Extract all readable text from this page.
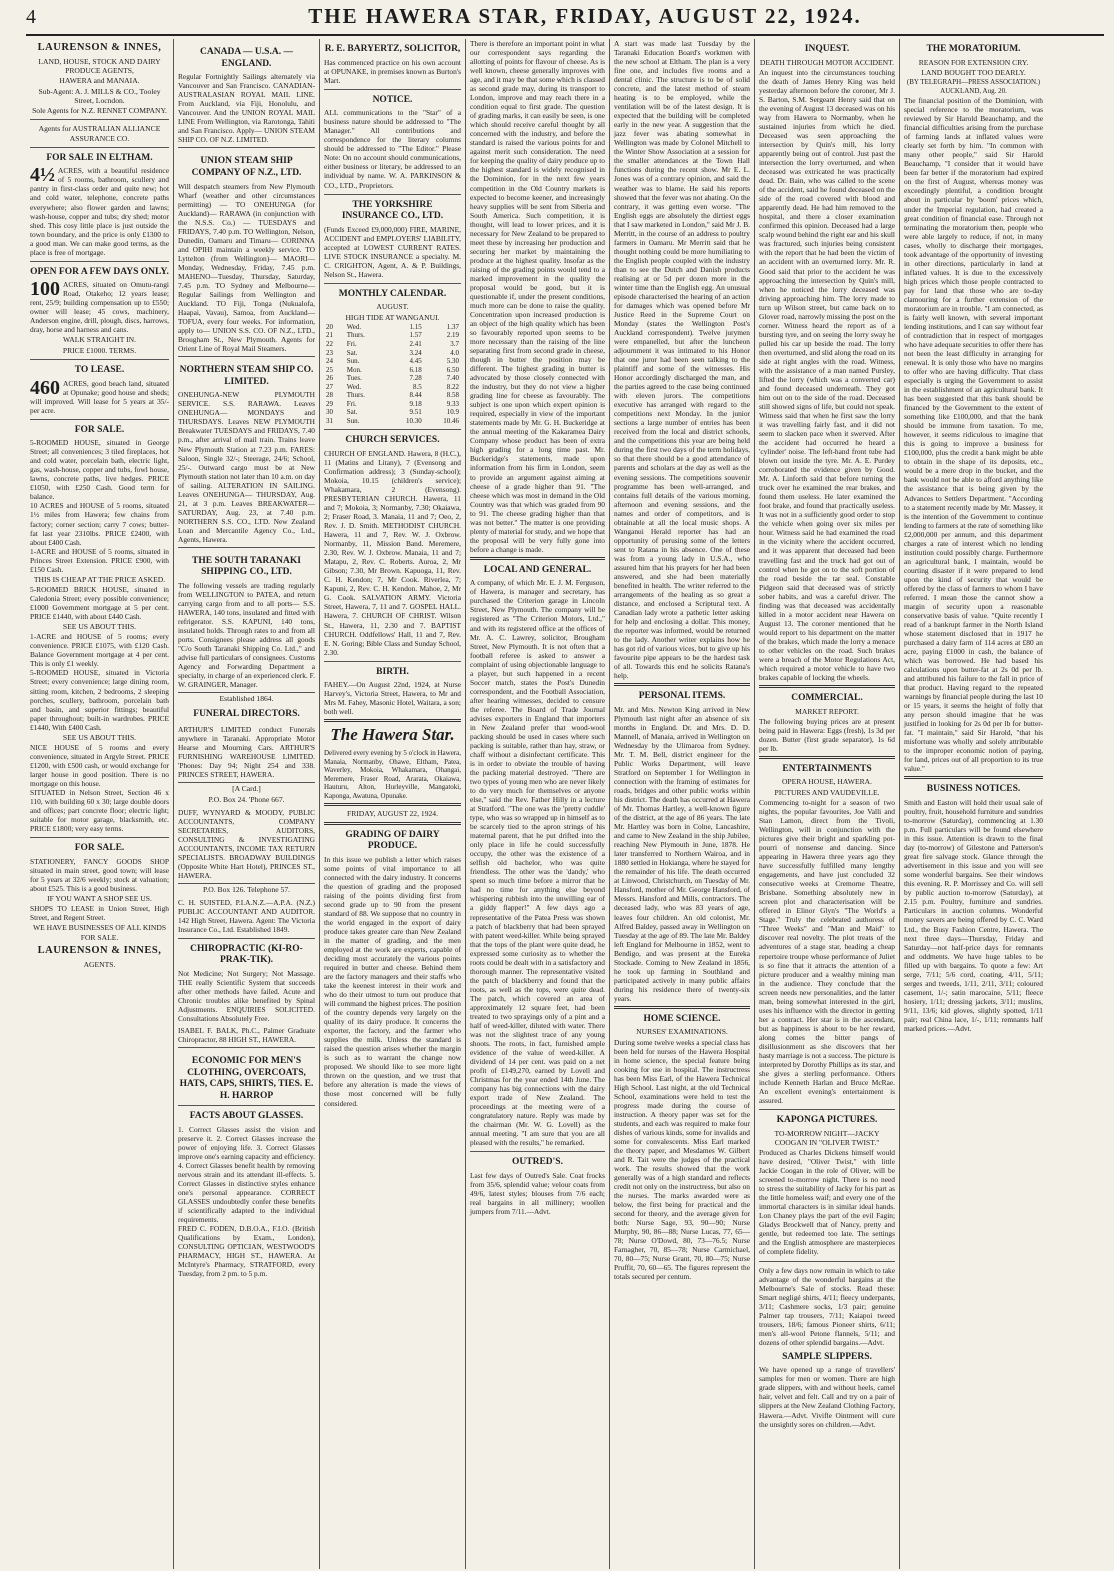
4	THE HAWERA STAR, FRIDAY, AUGUST 22, 1924.
LAURENSON & INNES,
LAND, HOUSE, STOCK AND DAIRY PRODUCE AGENTS,
HAWERA and MANAIA.
Sub-Agent: A. J. MILLS & CO., Tooley Street, Locndon.
Sole Agents for N.Z. RENNET COMPANY.
Agents for AUSTRALIAN ALLIANCE ASSURANCE CO.
FOR SALE IN ELTHAM.
4½ ACRES, with a beautiful residence of 5 rooms, bathroom, scullery and pantry in first-class order and quite new; hot and cold water, telephone, concrete paths everywhere; also flower garden and lawns; wash-house, copper and tubs; dry shed; motor shed. This cosy little place is just outside the town boundary, and the price is only £1300 to a good man. We can make good terms, as the place is free of mortgage.
OPEN FOR A FEW DAYS ONLY.
100 ACRES, situated on Omutu-rangi Road, Otakeho; 12 years lease; rent, 25/9; building compensation up to £550; owner will lease; 45 cows, machinery, Anderson engine, drill, plough, discs, harrows, dray, horse and harness and cans.
WALK STRAIGHT IN.
PRICE £1000. TERMS.
TO LEASE.
460 ACRES, good beach land, situated at Opunake; good house and sheds; will improved. Will lease for 5 years at 35/- per acre.
FOR SALE.
5-ROOMED HOUSE, situated in George Street; all conveniences; 3 tiled fireplaces, hot and cold water, porcelain bath, electric light, gas, wash-house, copper and tubs, fowl house, lawns, concrete paths, live hedges. PRICE £1050, with £250 Cash. Good term for balance.
10 ACRES and HOUSE of 5 rooms, situated 1½ miles from Hawera; few chains from factory; corner section; carry 7 cows; butter-fat last year 2310lbs. PRICE £2400, with about £400 Cash.
1-ACRE and HOUSE of 5 rooms, situated in Princes Street Extension. PRICE £900, with £150 Cash.
THIS IS CHEAP AT THE PRICE ASKED.
5-ROOMED BRICK HOUSE, situated in Caledonia Street; every possible convenience; £1000 Government mortgage at 5 per cent. PRICE £1440, with about £440 Cash.
SEE US ABOUT THIS.
1-ACRE and HOUSE of 5 rooms; every convenience. PRICE £1075, with £120 Cash. Balance Government mortgage at 4 per cent. This is only £1 weekly.
5-ROOMED HOUSE, situated in Victoria Street; every convenience; large dining room, sitting room, kitchen, 2 bedrooms, 2 sleeping porches, scullery, bathroom, porcelain bath and basin, and superior fittings; beautiful paper throughout; built-in wardrobes. PRICE £1440, With £400 Cash.
SEE US ABOUT THIS.
NICE HOUSE of 5 rooms and every convenience, situated in Argyle Street. PRICE £1200, with £500 cash, or would exchange for larger house in good position. There is no mortgage on this house.
SITUATED in Nelson Street, Section 46 x 110, with building 60 x 30; large double doors and offices; part concrete floor; electric light; suitable for motor garage, blacksmith, etc. PRICE £1800; very easy terms.
FOR SALE.
STATIONERY, FANCY GOODS SHOP situated in main street, good town; will lease for 5 years at 32/6 weekly; stock at valuation; about £525. This is a good business.
IF YOU WANT A SHOP SEE US.
SHOPS TO LEASE in Union Street, High Street, and Regent Street.
WE HAVE BUSINESSES OF ALL KINDS FOR SALE.
LAURENSON & INNES,
AGENTS.
CANADA — U.S.A. — ENGLAND.
Regular Fortnightly Sailings alternately via Vancouver and San Francisco. CANADIAN-AUSTRALASIAN ROYAL MAIL LINE. From Auckland, via Fiji, Honolulu, and Vancouver. And the UNION ROYAL MAIL LINE From Wellington, via Rarotonga, Tahiti and San Francisco. Apply— UNION STEAM SHIP CO. OF N.Z. LIMITED.
UNION STEAM SHIP COMPANY OF N.Z., LTD.
Will despatch steamers from New Plymouth Wharf (weather and other circumstances permitting) — TO ONEHUNGA (for Auckland)— RARAWA (in conjunction with the N.S.S. Co.) — TUESDAYS and FRIDAYS, 7.40 p.m. TO Wellington, Nelson, Dunedin, Oamaru and Timaru— CORINNA and OPIHI maintain a weekly service. TO Lyttelton (from Wellington)— MAORI—Monday, Wednesday, Friday, 7.45 p.m. MAHENO—Tuesday, Thursday, Saturday, 7.45 p.m. TO Sydney and Melbourne— Regular Sailings from Wellington and Auckland. TO Fiji, Tonga (Nukualofa, Haapai, Vavau), Samoa, from Auckland— TOFUA, every four weeks. For information, apply to— UNION S.S. CO. OF N.Z., LTD., Brougham St., New Plymouth. Agents for Orient Line of Royal Mail Steamers.
NORTHERN STEAM SHIP CO. LIMITED.
ONEHUNGA-NEW PLYMOUTH SERVICE. S.S. RARAWA. Leaves ONEHUNGA— MONDAYS and THURSDAYS. Leaves NEW PLYMOUTH Breakwater TUESDAYS and FRIDAYS, 7.40 p.m., after arrival of mail train. Trains leave New Plymouth Station at 7.23 p.m. FARES: Saloon, Single 32/-; Steerage, 24/6; School, 25/-. Outward cargo must be at New Plymouth station not later than 10 a.m. on day of sailing. ALTERATION IN SAILING. Leaves ONEHUNGA— THURSDAY, Aug. 21, at 3 p.m. Leaves BREAKWATER— SATURDAY, Aug. 23, at 7.40 p.m. NORTHERN S.S. CO., LTD. New Zealand Loan and Mercantile Agency Co., Ltd., Agents, Hawera.
THE SOUTH TARANAKI SHIPPING CO., LTD.
The following vessels are trading regularly from WELLINGTON to PATEA, and return carrying cargo from and to all ports— S.S. HAWERA, 140 tons, insulated and fitted with refrigerator. S.S. KAPUNI, 140 tons, insulated holds. Through rates to and from all ports. Consignees please address all goods "C/o South Taranaki Shipping Co. Ltd.," and advise full particulars of consignees. Customs Agency and Forwarding Department a specialty, in charge of an experienced clerk. F. W. GRAINGER, Manager.
Established 1864.
FUNERAL DIRECTORS.
ARTHUR'S LIMITED conduct Funerals anywhere in Taranaki. Appropriate Motor Hearse and Mourning Cars. ARTHUR'S FURNISHING WAREHOUSE LIMITED. 'Phones: Day 94; Night 254 and 338. PRINCES STREET, HAWERA.
[A Card.]
P.O. Box 24. 'Phone 667.
DUFF, WYNYARD & MOODY, PUBLIC ACCOUNTANTS, COMPANY SECRETARIES, AUDITORS, CONSULTING & INVESTIGATING ACCOUNTANTS, INCOME TAX RETURN SPECIALISTS. BROADWAY BUILDINGS (Opposite White Hart Hotel), PRINCES ST., HAWERA.
P.O. Box 126. Telephone 57.
C. H. SUISTED, P.I.A.N.Z.—A.P.A. (N.Z.) PUBLIC ACCOUNTANT AND AUDITOR. 142 High Street, Hawera. Agent: The Victoria Insurance Co., Ltd. Established 1849.
CHIROPRACTIC (KI-RO-PRAK-TIK).
Not Medicine; Not Surgery; Not Massage. THE really Scientific System that succeeds after other methods have failed. Acute and Chronic troubles alike benefited by Spinal Adjustments. ENQUIRIES SOLICITED. Consultations Absolutely Free.
ISABEL F. BALK, Ph.C., Palmer Graduate Chiropractor, 88 HIGH ST., HAWERA.
ECONOMIC FOR MEN'S CLOTHING, OVERCOATS, HATS, CAPS, SHIRTS, TIES. E. H. HARROP
FACTS ABOUT GLASSES.
1. Correct Glasses assist the vision and preserve it. 2. Correct Glasses increase the power of enjoying life. 3. Correct Glasses improve one's earning capacity and efficiency. 4. Correct Glasses benefit health by removing nervous strain and its attendant ill-effects. 5. Correct Glasses in distinctive styles enhance one's personal appearance. CORRECT GLASSES undoubtedly confer these benefits if scientifically adapted to the individual requirements.
FRED C. FODEN, D.B.O.A., F.I.O. (British Qualifications by Exam., London), CONSULTING OPTICIAN, WESTWOOD'S PHARMACY, HIGH ST., HAWERA. At McIntyre's Pharmacy, STRATFORD, every Tuesday, from 2 pm. to 5 p.m.
R. E. BARYERTZ, SOLICITOR,
Has commenced practice on his own account at OPUNAKE, in premises known as Burton's Mart.
NOTICE.
ALL communications to the "Star" of a business nature should be addressed to "The Manager." All contributions and correspondence for the literary columns should be addressed to "The Editor." Please Note: On no account should communications, either business or literary, be addressed to an individual by name. W. A. PARKINSON & CO., LTD., Proprietors.
THE YORKSHIRE INSURANCE CO., LTD.
(Funds Exceed £9,000,000) FIRE, MARINE, ACCIDENT and EMPLOYERS' LIABILITY, accepted at LOWEST CURRENT RATES. LIVE STOCK INSURANCE a specialty. M. C. CRIGHTON, Agent, A. & P. Buildings, Nelson St., Hawera.
MONTHLY CALENDAR.
AUGUST.
HIGH TIDE AT WANGANUI.
20	Wed.	1.15	1.37
21	Thurs.	1.57	2.19
22	Fri.	2.41	3.7
23	Sat.	3.24	4.0
24	Sun.	4.45	5.30
25	Mon.	6.18	6.50
26	Tues.	7.28	7.40
27	Wed.	8.5	8.22
28	Thurs.	8.44	8.58
29	Fri.	9.18	9.33
30	Sat.	9.51	10.9
31	Sun.	10.30	10.46
CHURCH SERVICES.
CHURCH OF ENGLAND. Hawera, 8 (H.C.), 11 (Matins and Litany), 7 (Evensong and Confirmation address); 3 (Sunday-school); Mokoia, 10.15 (children's service); Whakamara, 2 (Evensong). PRESBYTERIAN CHURCH. Hawera, 11 and 7; Mokoia, 3; Normanby, 7.30; Okaiawa, 2; Fraser Road, 3. Manaia, 11 and 7; Oeo, 2, Rev. J. D. Smith. METHODIST CHURCH. Hawera, 11 and 7, Rev. W. J. Oxbrow. Normanby, 11, Mission Band. Meremere, 2.30, Rev. W. J. Oxbrow. Manaia, 11 and 7; Matapu, 2, Rev. C. Roberts. Auroa, 2, Mr Gibson; 7.30, Mr Brown. Kapuoga, 11, Rev. C. H. Kendon; 7, Mr Cook. Riverlea, 7; Kapuni, 2, Rev. C. H. Kendon. Mahoe, 2, Mr G. Cook. SALVATION ARMY. Victoria Street, Hawera, 7, 11 and 7. GOSPEL HALL. Hawera, 7. CHURCH OF CHRIST. Wilson St., Hawera, 11, 2.30 and 7. BAPTIST CHURCH. Oddfellows' Hall, 11 and 7, Rev. E. N. Goring; Bible Class and Sunday School, 2.30.
BIRTH.
FAHEY.—On August 22nd, 1924, at Nurse Harvey's, Victoria Street, Hawera, to Mr and Mrs M. Fahey, Masonic Hotel, Waitara, a son; both well.
The Hawera Star.
Delivered every evening by 5 o'clock in Hawera, Manaia, Normanby, Ohawe, Eltham, Patea, Waverley, Mokoia, Whakamara, Ohangai, Meremere, Fraser Road, Ararata, Okaiawa, Hauturu, Alton, Hurleyville, Mangatoki, Kaponga, Awatuna, Opunake.
FRIDAY, AUGUST 22, 1924.
GRADING OF DAIRY PRODUCE.
In this issue we publish a letter which raises some points of vital importance to all connected with the dairy industry. It concerns the question of grading and the proposed raising of the points dividing first from second grade up to 90 from the present standard of 88. We suppose that no country in the world engaged in the export of dairy produce takes greater care than New Zealand in the matter of grading, and the men employed at the work are experts, capable of deciding most accurately the various points required in butter and cheese. Behind them are the factory managers and their staffs who take the keenest interest in their work and who do their utmost to turn out produce that will command the highest prices. The position of the country depends very largely on the quality of its dairy produce. It concerns the exporter, the factory, and the farmer who supplies the milk. Unless the standard is raised the question arises whether the margin is such as to warrant the change now proposed. We should like to see more light thrown on the question, and we trust that before any alteration is made the views of those most concerned will be fully considered.
There is therefore an important point in what our correspondent says regarding the allotting of points for flavour of cheese. As is well known, cheese generally improves with age, and it may be that some which is classed as second grade may, during its transport to London, improve and may reach there in a condition equal to first grade. The question of grading marks, it can easily be seen, is one which should receive careful thought by all concerned with the industry, and before the standard is raised the various points for and against merit such consideration. The need for keeping the quality of dairy produce up to the highest standard is widely recognised in the Dominion, for in the next few years competition in the Old Country markets is expected to become keener, and increasingly heavy supplies will be sent from Siberia and South America. Such competition, it is thought, will lead to lower prices, and it is necessary for New Zealand to be prepared to meet these by increasing her production and securing her market by maintaining the produce at the highest quality. Insofar as the raising of the grading points would tend to a marked improvement in the quality the proposal would be good, but it is questionable if, under the present conditions, much more can be done to raise the quality. Concentration upon increased production is an object of the high quality which has been so favourably reported upon seems to be more necessary than the raising of the line separating first from second grade in cheese, though in butter the position may be different. The highest grading in butter is advocated by those closely connected with the industry, but they do not view a higher grading line for cheese as favourably. The subject is one upon which expert opinion is required, especially in view of the important statements made by Mr. G. H. Buckeridge at the annual meeting of the Kakaramea Dairy Company whose product has been of extra high grading for a long time past. Mr. Buckeridge's statements, made upon information from his firm in London, seem to provide an argument against aiming at cheese of a grade higher than 91. "The cheese which was most in demand in the Old Country was that which was graded from 90 to 91. The cheese grading higher than that was not better." The matter is one providing plenty of material for study, and we hope that the proposal will be very fully gone into before a change is made.
LOCAL AND GENERAL.
A company, of which Mr. E. J. M. Ferguson, of Hawera, is manager and secretary, has purchased the Criterion garage in Lincoln Street, New Plymouth. The company will be registered as "The Criterion Motors, Ltd.," and with its registered office at the offices of Mr. A. C. Lawrey, solicitor, Brougham Street, New Plymouth. It is not often that a football referee is asked to answer a complaint of using objectionable language to a player, but such happened in a recent Soccer match, states the Post's Dunedin correspondent, and the Football Association, after hearing witnesses, decided to censure the referee. The Board of Trade Journal advises exporters in England that importers in New Zealand prefer that wood-wool packing should be used in cases where such packing is suitable, rather than hay, straw, or chaff without a disinfectant certificate. This is in order to obviate the trouble of having the packing material destroyed. "There are two types of young men who are never likely to do very much for themselves or anyone else," said the Rev. Father Hilly in a lecture at Stratford. "The one was the 'pretty cuddle' type, who was so wrapped up in himself as to be scarcely tied to the apron strings of his maternal parent, that he put drifted into the only place in life he could successfully occupy, the other was the existence of a selfish old bachelor, who was quite friendless. The other was the 'dandy,' who spent so much time before a mirror that he had no time for anything else beyond whispering rubbish into the unwilling ear of a giddy flapper!" A few days ago a representative of the Patea Press was shown a patch of blackberry that had been sprayed with patent weed-killer. While being sprayed that the tops of the plant were quite dead, he expressed some curiosity as to whether the roots could be dealt with in a satisfactory and thorough manner. The representative visited the patch of blackberry and found that the roots, as well as the tops, were quite dead. The patch, which covered an area of approximately 12 square feet, had been treated to two sprayings only of a pint and a half of weed-killer, diluted with water. There was not the slightest trace of any young shoots. The roots, in fact, furnished ample evidence of the value of weed-killer. A dividend of 14 per cent. was paid on a net profit of £149,270, earned by Lovell and Christmas for the year ended 14th June. The company has big connections with the dairy export trade of New Zealand. The proceedings at the meeting were of a congratulatory nature. Reply was made by the chairman (Mr. W. G. Lovell) as the annual meeting. "I am sure that you are all pleased with the results," he remarked.
OUTRED'S.
Last few days of Outred's Sale. Coat frocks from 35/6, splendid value; velour coats from 49/6, latest styles; blouses from 7/6 each; real bargains in all millinery; woollen jumpers from 7/11.—Advt.
A start was made last Tuesday by the Taranaki Education Board's workmen with the new school at Eltham. The plan is a very fine one, and includes five rooms and a dental clinic. The structure is to be of solid concrete, and the latest method of steam heating is to be employed, while the ventilation will be of the latest design. It is expected that the building will be completed early in the new year. A suggestion that the jazz fever was abating somewhat in Wellington was made by Colonel Mitchell to the Winter Show Association at a session for the smaller attendances at the Town Hall functions during the recent show. Mr E. L. Jones was of a contrary opinion, and said the weather was to blame. He said his reports showed that the fever was not abating. On the contrary, it was getting even worse. "The English eggs are absolutely the dirtiest eggs that I saw marketed in London," said Mr J. B. Merritt, in the course of an address to poultry farmers in Oamaru. Mr Merritt said that he thought nothing could be more humiliating to the English people coupled with the industry than to see the Dutch and Danish products realising at or 5d per dozen more in the winter time than the English egg. An unusual episode characterised the hearing of an action for damages which was opened before Mr Justice Reed in the Supreme Court on Monday (states the Wellington Post's Auckland correspondent). Twelve jurymen were empanelled, but after the luncheon adjournment it was intimated to his Honor that one juror had been seen talking to the plaintiff and some of the witnesses. His Honor accordingly discharged the man, and the parties agreed to the case being continued with eleven jurors. The competitions executive has arranged with regard to the competitions next Monday. In the junior sections a large number of entries has been received from the local and district schools, and the competitions this year are being held during the first two days of the term holidays, so that there should be a good attendance of parents and scholars at the day as well as the evening sessions. The competitions souvenir programme has been well-arranged, and contains full details of the various morning, afternoon and evening sessions, and the names and order of competitors, and is obtainable at all the local music shops. A Wanganui Herald reporter has had an opportunity of perusing some of the letters sent to Ratana in his absence. One of these was from a young lady in U.S.A., who assured him that his prayers for her had been answered, and she had been materially benefited in health. The writer referred to the arrangements of the healing as so great a distance, and enclosed a Scriptural text. A Canadian lady wrote a pathetic letter asking for help and enclosing a dollar. This money, the reporter was informed, would be returned to the lady. Another writer explains how he has got rid of various vices, but to give up his favourite pipe appears to be the hardest task of all. Towards this end he solicits Ratana's help.
PERSONAL ITEMS.
Mr. and Mrs. Newton King arrived in New Plymouth last night after an absence of six months in England. Dr. and Mrs. D. D. Mannell, of Manaia, arrived in Wellington on Wednesday by the Ulimaroa from Sydney. Mr. T. M. Bell, district engineer for the Public Works Department, will leave Stratford on September 1 for Wellington in connection with the framing of estimates for roads, bridges and other public works within his district. The death has occurred at Hawera of Mr. Thomas Hartley, a well-known figure of the district, at the age of 86 years. The late Mr. Hartley was born in Colne, Lancashire, and came to New Zealand in the ship Jubilee, reaching New Plymouth in June, 1878. He later transferred to Northern Wairoa, and in 1880 settled in Hokianga, where he stayed for the remainder of his life. The death occurred at Linwood, Christchurch, on Tuesday of Mr. Hansford, mother of Mr. George Hansford, of Messrs. Hansford and Mills, contractors. The deceased lady, who was 83 years of age, leaves four children. An old colonist, Mr. Alfred Baldey, passed away in Wellington on Tuesday at the age of 89. The late Mr. Baldey left England for Melbourne in 1852, went to Bendigo, and was present at the Eureka Stockade. Coming to New Zealand in 1856, he took up farming in Southland and participated actively in many public affairs during his residence there of twenty-six years.
HOME SCIENCE.
NURSES' EXAMINATIONS.
During some twelve weeks a special class has been held for nurses of the Hawera Hospital in home science, the special feature being cooking for use in hospital. The instructress has been Miss Earl, of the Hawera Technical High School. Last night, at the old Technical School, examinations were held to test the progress made during the course of instruction. A theory paper was set for the students, and each was required to make four dishes of various kinds, some for invalids and some for convalescents. Miss Earl marked the theory paper, and Mesdames W. Gilbert and R. Tait were the judges of the practical work. The results showed that the work generally was of a high standard and reflects credit not only on the instructress, but also on the nurses. The marks awarded were as below, the first being for practical and the second for theory, and the average given for both: Nurse Sage, 93, 90—90; Nurse Murphy, 90, 86—88; Nurse Lucas, 77, 65—78; Nurse O'Dowd, 80, 73—76.5; Nurse Farnagher, 70, 85—78; Nurse Carmichael, 70, 80—75; Nurse Grant, 70, 80—75; Nurse Pruffit, 70, 60—65. The figures represent the totals secured per centum.
INQUEST.
DEATH THROUGH MOTOR ACCIDENT.
An inquest into the circumstances touching the death of James Henry King was held yesterday afternoon before the coroner, Mr J. S. Barton, S.M. Sergeant Henry said that on the evening of August 13 deceased was on his way from Hawera to Normanby, when he sustained injuries from which he died. Deceased was seen approaching the intersection by Quin's mill, his lorry apparently being out of control. Just past the intersection the lorry overturned, and when deceased was extricated he was practically dead. Dr. Bain, who was called to the scene of the accident, said he found deceased on the side of the road covered with blood and apparently dead. He had him removed to the hospital, and there a closer examination confirmed this opinion. Deceased had a large scalp wound behind the right ear and his skull was fractured, such injuries being consistent with the report that he had been the victim of an accident with an overturned lorry. Mr. R. Good said that prior to the accident he was approaching the intersection by Quin's mill, when he noticed the lorry deceased was driving approaching him. The lorry made to turn up Wilson street, but came back on to Glover road, narrowly missing the post on the corner. Witness heard the report as of a bursting tyre, and on seeing the lorry sway he pulled his car up beside the road. The lorry then overturned, and slid along the road on its side at right angles with the road. Witness, with the assistance of a man named Pursley, lifted the lorry (which was a converted car) and found deceased underneath. They got him out on to the side of the road. Deceased still showed signs of life, but could not speak. Witness said that when he first saw the lorry it was travelling fairly fast, and it did not seem to slacken pace when it swerved. After the accident had occurred he heard a 'cylinder' noise. The left-hand front tube had blown out inside the tyre. Mr. A. E. Purdey corroborated the evidence given by Good. Mr. A. Linforth said that before turning the truck over he examined the rear brakes, and found them useless. He later examined the foot brake, and found that practically useless. It was not in a sufficiently good order to stop the vehicle when going over six miles per hour. Witness said he had examined the road in the vicinity where the accident occurred, and it was apparent that deceased had been travelling fast and the truck had got out of control when he got on to the soft portion of the road beside the tar seal. Constable Pidgeon said that deceased was of strictly sober habits, and was a careful driver. The finding was that deceased was accidentally killed in a motor accident near Hawera on August 13. The coroner mentioned that he would report to his department on the matter of the brakes, which made the lorry a menace to other vehicles on the road. Such brakes were a breach of the Motor Regulations Act, which required a motor vehicle to have two brakes capable of locking the wheels.
COMMERCIAL.
MARKET REPORT.
The following buying prices are at present being paid in Hawera: Eggs (fresh), 1s 3d per dozen. Butter (first grade separator), 1s 6d per lb.
ENTERTAINMENTS
OPERA HOUSE, HAWERA.
PICTURES AND VAUDEVILLE.
Commencing to-night for a season of two nights, the popular favourites, Joe Valli and Stan Lamon, direct from the Tivoli, Wellington, will in conjunction with the pictures give their bright and sparkling pot-pourri of nonsense and dancing. Since appearing in Hawera three years ago they have successfully fulfilled many lengthy engagements, and have just concluded 32 consecutive weeks at Cremorne Theatre, Brisbane. Something absolutely new in screen plot and characterisation will be offered in Elinor Glyn's "The World's a Stage." Truly the celebrated authoress of "Three Weeks" and "Man and Maid" to discover real novelty. The plot treats of the adventures of a stage star, heading a cheap repertoire troupe whose performance of Juliet is so fine that it attracts the attention of a picture producer and a wealthy mining man in the audience. They conclude that the screen needs new personalities, and the latter man, being somewhat interested in the girl, uses his influence with the director in getting her a contract. Her star is in the ascendant, but as happiness is about to be her reward, along comes the bitter pangs of disillusionment as she discovers that her hasty marriage is not a success. The picture is interpreted by Dorothy Phillips as its star, and she gives a sterling performance. Others include Kenneth Harlan and Bruce McRae. An excellent evening's entertainment is assured.
KAPONGA PICTURES.
TO-MORROW NIGHT—JACKY COOGAN IN "OLIVER TWIST."
Produced as Charles Dickens himself would have desired, "Oliver Twist," with little Jackie Coogan in the role of Oliver, will be screened to-morrow night. There is no need to stress the suitability of Jacky for his part as the little homeless waif; and every one of the immortal characters is in similar ideal hands. Lon Chaney plays the part of the evil Fagin; Gladys Brockwell that of Nancy, pretty and gentle, but redeemed too late. The settings and the English atmosphere are masterpieces of complete fidelity.
Only a few days now remain in which to take advantage of the wonderful bargains at the Melbourne's Sale of stocks. Read these: Smart negligé shirts, 4/11; fleecy underpants, 3/11; Cashmere socks, 1/3 pair; genuine Palmer tap trousers, 7/11; Kaiapoi tweed trousers, 18/6; famous Pioneer shirts, 6/11; men's all-wool Petone flannels, 5/11; and dozens of other splendid bargains.—Advt.
SAMPLE SLIPPERS.
We have opened up a range of travellers' samples for men or women. There are high grade slippers, with and without heels, camel hair, velvet and felt. Call and try on a pair of slippers at the New Zealand Clothing Factory, Hawera.—Advt. Vivifle Ointment will cure the unsightly sores on children.—Advt.
THE MORATORIUM.
REASON FOR EXTENSION CRY.
LAND BOUGHT TOO DEARLY.
(BY TELEGRAPH—PRESS ASSOCIATION.) AUCKLAND, Aug. 20.
The financial position of the Dominion, with special reference to the moratorium, was reviewed by Sir Harold Beauchamp, and the financial difficulties arising from the purchase of farming lands at inflated values were clearly set forth by him. "In common with many other people," said Sir Harold Beauchamp, "I consider that it would have been far better if the moratorium had expired on the first of August, whereas money was exceedingly plentiful, a condition brought about in particular by 'boom' prices which, under the Imperial regulation, had created a great condition of financial ease. Through not terminating the moratorium then, people who were able largely to reduce, if not, in many cases, wholly to discharge their mortgages, took advantage of the opportunity of investing in other directions, particularly in land at inflated values. It is due to the excessively high prices which those people contracted to pay for land that those who are to-day clamouring for a further extension of the moratorium are in trouble. "I am connected, as is fairly well known, with several important lending institutions, and I can say without fear of contradiction that in respect of mortgages who have adequate securities to offer there has not been the least difficulty in arranging for renewal. It is only those who have no margins to offer who are having difficulty. That class especially is urging the Government to assist in the establishment of an agricultural bank. It has been suggested that this bank should be financed by the Government to the extent of something like £100,000, and that the bank should be immune from taxation. To me, however, it seems ridiculous to imagine that this is going to improve a business for £100,000, plus the credit a bank might be able to obtain in the shape of its deposits, etc., would be a mere drop in the bucket, and the bank would not be able to afford anything like the assistance that is being given by the Advances to Settlers Department. "According to a statement recently made by Mr. Massey, it is the intention of the Government to continue lending to farmers at the rate of something like £2,000,000 per annum, and this department charges a rate of interest which no lending institution could possibly charge. Furthermore an agricultural bank, I maintain, would be courting disaster if it were prepared to lend upon the kind of security that would be offered by the class of farmers to whom I have referred. I mean those the cannot show a margin of security upon a reasonable conservative basis of value. "Quite recently I read of a bankrupt farmer in the North Island whose statement disclosed that in 1917 he purchased a dairy farm of 114 acres at £80 an acre, paying £1000 in cash, the balance of which was borrowed. He had based his calculations upon butter-fat at 2s 0d per lb. and attributed his failure to the fall in price of that product. Having regard to the repeated warnings by financial people during the last 10 or 15 years, it seems the height of folly that any person should imagine that he was justified in looking for 2s 0d per lb for butter-fat. "I maintain," said Sir Harold, "that his misfortune was wholly and solely attributable to the improper economic notion of paying, for land, prices out of all proportion to its true value."
BUSINESS NOTICES.
Smith and Easton will hold their usual sale of poultry, fruit, household furniture and sundries to-morrow (Saturday), commencing at 1.30 p.m. Full particulars will be found elsewhere in this issue. Attention is drawn to the final day (to-morrow) of Gilestone and Patterson's great fire salvage stock. Glance through the advertisement in this issue and you will see some wonderful bargains. See their windows this evening. R. P. Morrissey and Co. will sell by public auction to-morrow (Saturday), at 2.15 p.m. Poultry, furniture and sundries. Particulars in auction columns. Wonderful money savers are being offered by C. C. Ward Ltd., the Busy Fashion Centre, Hawera. The next three days—Thursday, Friday and Saturday—not half-price days for remnants and oddments. We have huge tables to be filled up with bargains. To quote a few: Art serge, 7/11; 5/6 cord, coating, 4/11, 5/11; serges and tweeds, 1/11, 2/11, 3/11; coloured casement, 1/-; satin marocaine, 5/11; fleece hosiery, 1/11; dressing jackets, 3/11; muslins, 9/11, 13/6; kid gloves, slightly spotted, 1/11 pair; real China lace, 1/-, 1/11; remnants half marked prices.—Advt.
